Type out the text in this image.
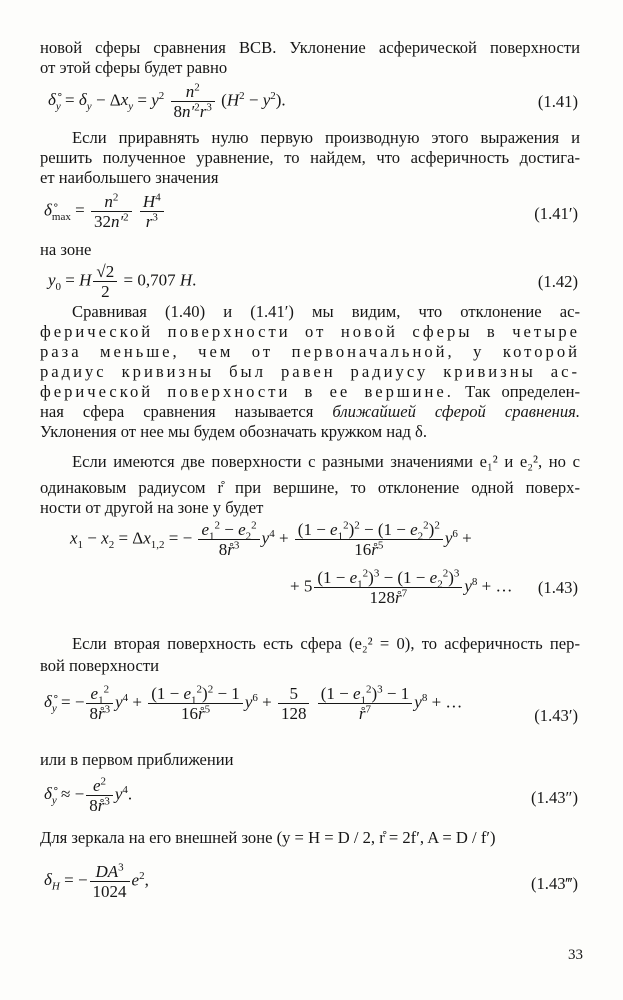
новой сферы сравнения ВСВ. Уклонение асферической поверхности
от этой сферы будет равно
$\deltå_y = \delta_y - \Delta x_y = y^2 \frac{n^2}{8n'^2r^3} (H^2 - y^2)$.	(1.41)
Если приравнять нулю первую производную этого выражения и
решить полученное уравнение, то найдем, что асферичность достига-
ет наибольшего значения
$\deltå_{max} = \frac{n^2}{32n'^2}$
$\frac{H^4}{r^3}$	(1.41′)
на зоне
$y_0 = H \frac{√2}{2} = 0,707$ H.	(1.42)
Сравнивая (1.40) и (1.41′) мы видим, что отклонение ас-
ферической поверхности от новой сферы в четыре
раза меньше, чем от первоначальной, у которой
радиус кривизны был равен радиусу кривизны ас-
ферической поверхности в ее вершине. Так определен-
ная сфера сравнения называется ближайшей сферой сравнения.
Уклонения от нее мы будем обозначать кружком над δ.
Если имеются две поверхности с разными значениями e₁² и e₂², но с
одинаковым радиусом r̊ при вершине, то отклонение одной поверх-
ности от другой на зоне y будет
$x_1 - x_2 = \Delta x_{1,2}$ = − $\frac{e_1^2 - e_2^2}{8r̊^3} y^4 + \frac{(1 - e_1^2)^2 - (1 - e_2^2)^2}{16r̊^5} y^6$ +
+ $5 \frac{(1 - e_1^2)^3 - (1 - e_2^2)^3}{128r̊^7} y^8$ + … (1.43)
Если вторая поверхность есть сфера (e₂² = 0), то асферичность пер-
вой поверхности
$\deltå_y$ = − $\frac{e_1^2}{8r̊^3} y^4 + \frac{(1 - e_1^2)^2 - 1}{16r̊^5} y^6 + \frac{5}{128}$
$\frac{(1 - e_1^2)^3 - 1}{r̊^7} y^8$ + …
(1.43′)
или в первом приближении
$\deltå_y$ ≈ − $\frac{e^2}{8r̊^3} y^4$.	(1.43″)
Для зеркала на его внешней зоне (y = H = D / 2, r̊ = 2f′, A = D / f′)
$\delta_H$ = − $\frac{DA^3}{1024} e^2$,	(1.43‴)
33
